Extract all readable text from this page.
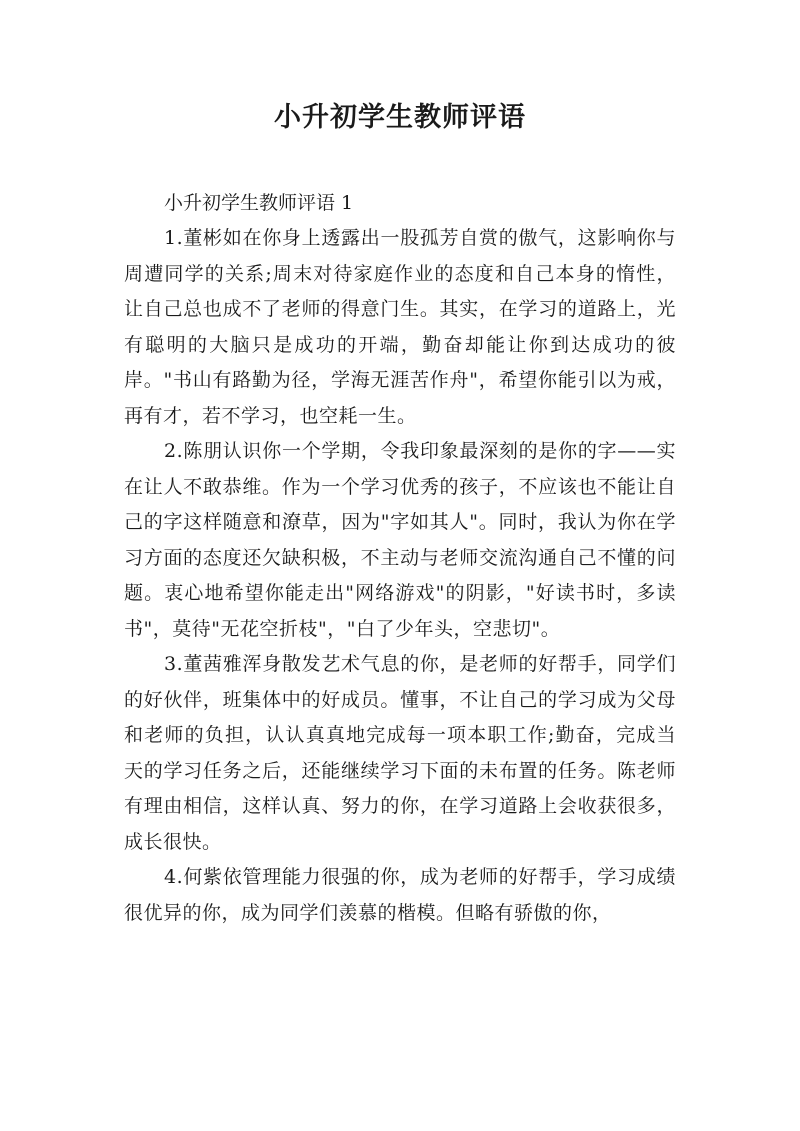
小升初学生教师评语

小升初学生教师评语 1

1.董彬如在你身上透露出一股孤芳自赏的傲气，这影响你与周遭同学的关系;周末对待家庭作业的态度和自己本身的惰性，让自己总也成不了老师的得意门生。其实，在学习的道路上，光有聪明的大脑只是成功的开端，勤奋却能让你到达成功的彼岸。"书山有路勤为径，学海无涯苦作舟"，希望你能引以为戒，再有才，若不学习，也空耗一生。

2.陈朋认识你一个学期，令我印象最深刻的是你的字——实在让人不敢恭维。作为一个学习优秀的孩子，不应该也不能让自己的字这样随意和潦草，因为"字如其人"。同时，我认为你在学习方面的态度还欠缺积极，不主动与老师交流沟通自己不懂的问题。衷心地希望你能走出"网络游戏"的阴影，"好读书时，多读书"，莫待"无花空折枝"，"白了少年头，空悲切"。

3.董茜雅浑身散发艺术气息的你，是老师的好帮手，同学们的好伙伴，班集体中的好成员。懂事，不让自己的学习成为父母和老师的负担，认认真真地完成每一项本职工作;勤奋，完成当天的学习任务之后，还能继续学习下面的未布置的任务。陈老师有理由相信，这样认真、努力的你，在学习道路上会收获很多，成长很快。

4.何紫依管理能力很强的你，成为老师的好帮手，学习成绩很优异的你，成为同学们羡慕的楷模。但略有骄傲的你，
